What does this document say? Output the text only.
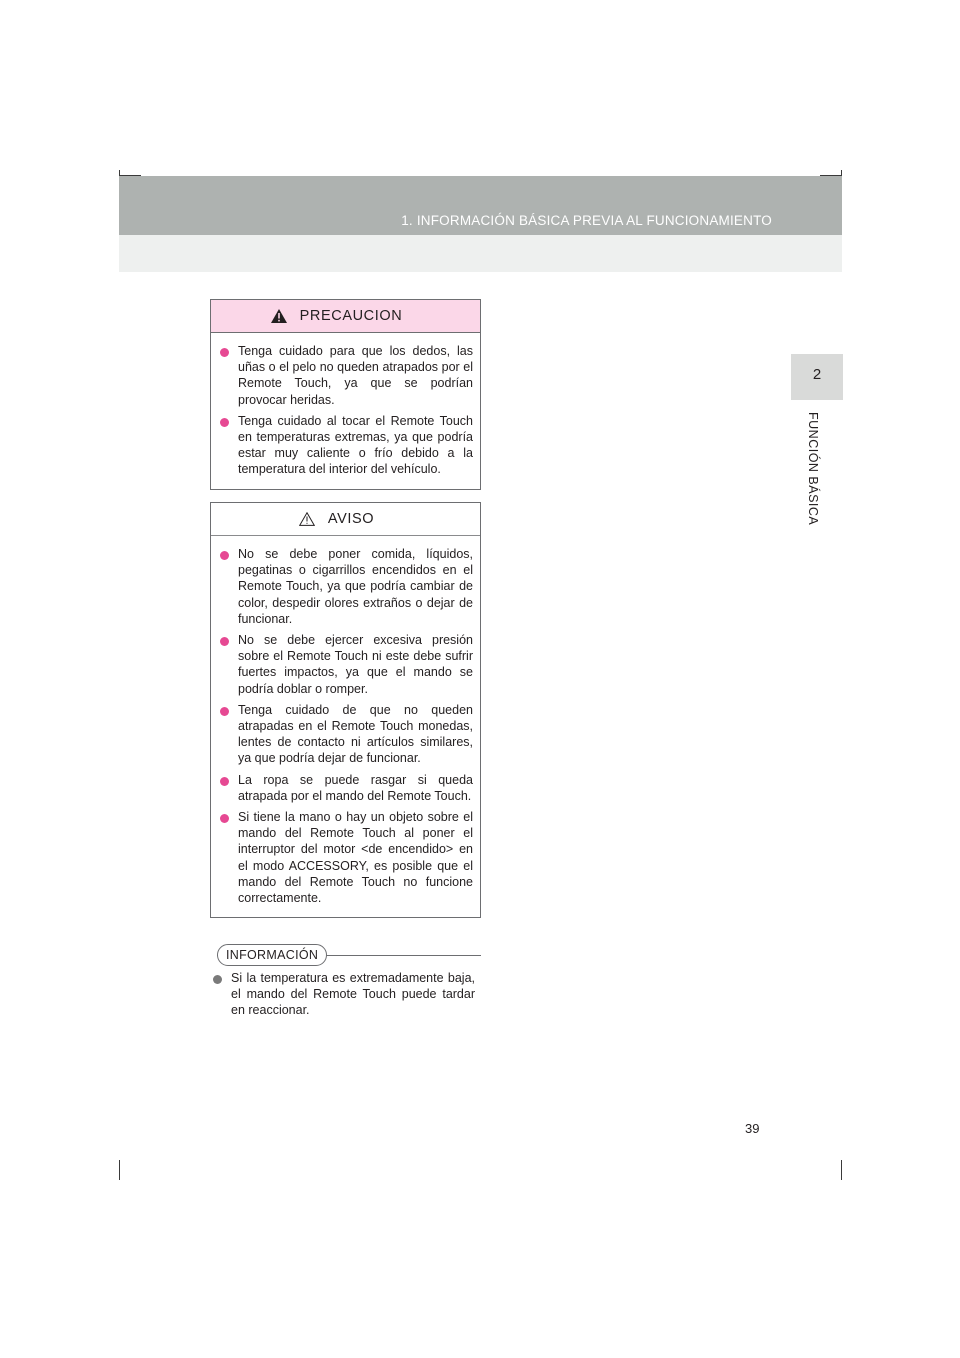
1. INFORMACIÓN BÁSICA PREVIA AL FUNCIONAMIENTO
2
FUNCIÓN BÁSICA
PRECAUCION
Tenga cuidado para que los dedos, las uñas o el pelo no queden atrapados por el Remote Touch, ya que se podrían provocar heridas.
Tenga cuidado al tocar el Remote Touch en temperaturas extremas, ya que podría estar muy caliente o frío debido a la temperatura del interior del vehículo.
AVISO
No se debe poner comida, líquidos, pegatinas o cigarrillos encendidos en el Remote Touch, ya que podría cambiar de color, despedir olores extraños o dejar de funcionar.
No se debe ejercer excesiva presión sobre el Remote Touch ni este debe sufrir fuertes impactos, ya que el mando se podría doblar o romper.
Tenga cuidado de que no queden atrapadas en el Remote Touch monedas, lentes de contacto ni artículos similares, ya que podría dejar de funcionar.
La ropa se puede rasgar si queda atrapada por el mando del Remote Touch.
Si tiene la mano o hay un objeto sobre el mando del Remote Touch al poner el interruptor del motor <de encendido> en el modo ACCESSORY, es posible que el mando del Remote Touch no funcione correctamente.
INFORMACIÓN
Si la temperatura es extremadamente baja, el mando del Remote Touch puede tardar en reaccionar.
39
